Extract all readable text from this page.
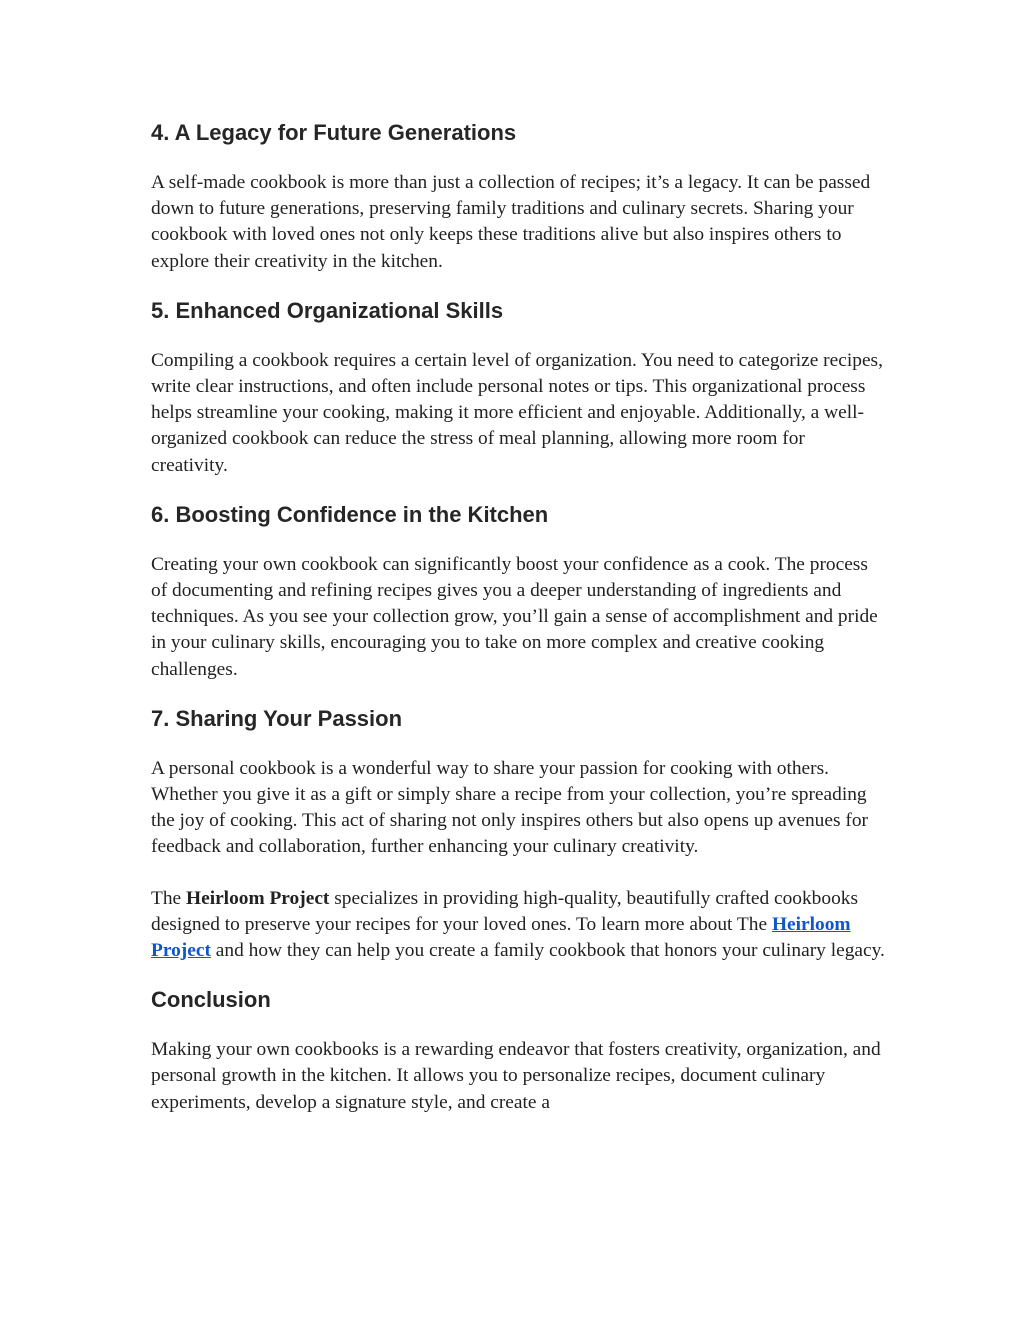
4. A Legacy for Future Generations

A self-made cookbook is more than just a collection of recipes; it’s a legacy. It can be passed down to future generations, preserving family traditions and culinary secrets. Sharing your cookbook with loved ones not only keeps these traditions alive but also inspires others to explore their creativity in the kitchen.

5. Enhanced Organizational Skills

Compiling a cookbook requires a certain level of organization. You need to categorize recipes, write clear instructions, and often include personal notes or tips. This organizational process helps streamline your cooking, making it more efficient and enjoyable. Additionally, a well-organized cookbook can reduce the stress of meal planning, allowing more room for creativity.

6. Boosting Confidence in the Kitchen

Creating your own cookbook can significantly boost your confidence as a cook. The process of documenting and refining recipes gives you a deeper understanding of ingredients and techniques. As you see your collection grow, you’ll gain a sense of accomplishment and pride in your culinary skills, encouraging you to take on more complex and creative cooking challenges.

7. Sharing Your Passion

A personal cookbook is a wonderful way to share your passion for cooking with others. Whether you give it as a gift or simply share a recipe from your collection, you’re spreading the joy of cooking. This act of sharing not only inspires others but also opens up avenues for feedback and collaboration, further enhancing your culinary creativity.

The Heirloom Project specializes in providing high-quality, beautifully crafted cookbooks designed to preserve your recipes for your loved ones. To learn more about The Heirloom Project and how they can help you create a family cookbook that honors your culinary legacy.

Conclusion

Making your own cookbooks is a rewarding endeavor that fosters creativity, organization, and personal growth in the kitchen. It allows you to personalize recipes, document culinary experiments, develop a signature style, and create a
